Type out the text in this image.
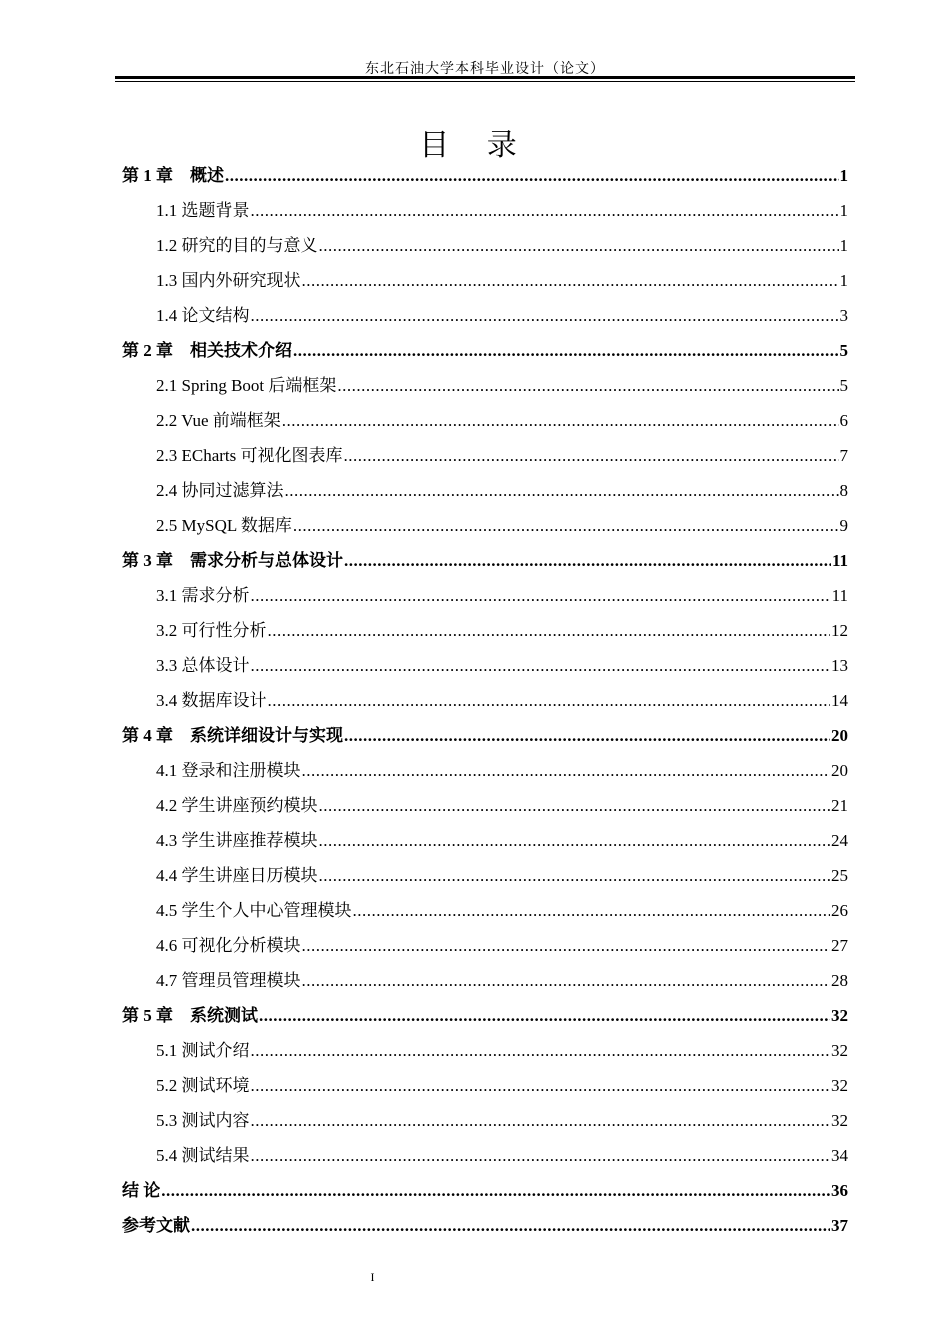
东北石油大学本科毕业设计（论文）
目 录
第 1 章　概述 .....	1
1.1 选题背景 .....	1
1.2 研究的目的与意义 .....	1
1.3 国内外研究现状 .....	1
1.4 论文结构 .....	3
第 2 章　相关技术介绍 .....	5
2.1 Spring Boot 后端框架 .....	5
2.2 Vue 前端框架 .....	6
2.3 ECharts 可视化图表库 .....	7
2.4 协同过滤算法 .....	8
2.5 MySQL 数据库 .....	9
第 3 章　需求分析与总体设计 .....	11
3.1 需求分析 .....	11
3.2 可行性分析 .....	12
3.3 总体设计 .....	13
3.4 数据库设计 .....	14
第 4 章　系统详细设计与实现 .....	20
4.1 登录和注册模块 .....	20
4.2 学生讲座预约模块 .....	21
4.3 学生讲座推荐模块 .....	24
4.4 学生讲座日历模块 .....	25
4.5 学生个人中心管理模块 .....	26
4.6 可视化分析模块 .....	27
4.7 管理员管理模块 .....	28
第 5 章　系统测试 .....	32
5.1 测试介绍 .....	32
5.2 测试环境 .....	32
5.3 测试内容 .....	32
5.4 测试结果 .....	34
结 论 .....	36
参考文献 .....	37
I
